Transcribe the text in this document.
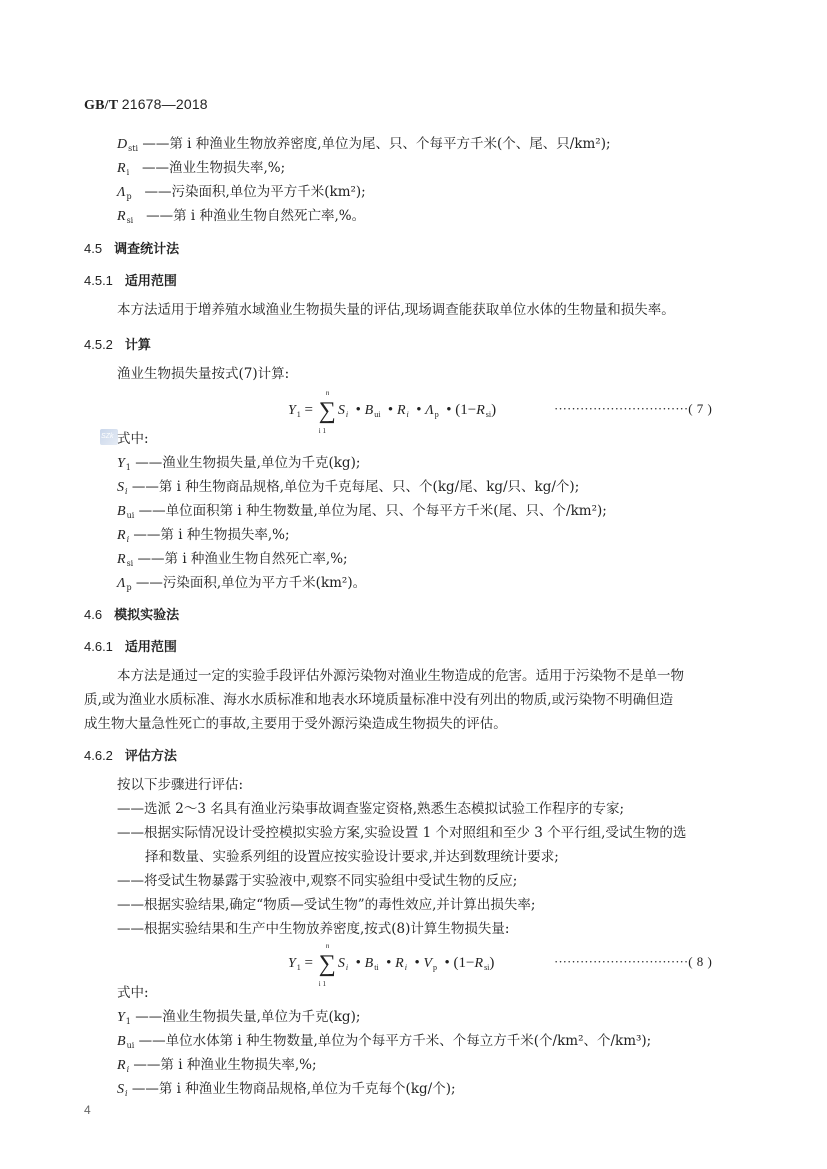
GB/T 21678—2018
$D_{sti}$ ——第 i 种渔业生物放养密度,单位为尾、只、个每平方千米(个、尾、只/km²);
$R_i$ ——渔业生物损失率,%;
$\Lambda_p$ ——污染面积,单位为平方千米(km²);
$R_{si}$ ——第 i 种渔业生物自然死亡率,%。
4.5 调查统计法
4.5.1 适用范围
本方法适用于增养殖水域渔业生物损失量的评估,现场调查能获取单位水体的生物量和损失率。
4.5.2 计算
渔业生物损失量按式(7)计算:
$Y_1$ = ∑
n
i 1
$S_i$  • $B_{ui}$  • $R_i$  • $\Lambda_p$  • $(1-R_{si})$	·······························( 7 )
SZk 式中:
$Y_1$ ——渔业生物损失量,单位为千克(kg);
$S_i$ ——第 i 种生物商品规格,单位为千克每尾、只、个(kg/尾、kg/只、kg/个);
$B_{ui}$ ——单位面积第 i 种生物数量,单位为尾、只、个每平方千米(尾、只、个/km²);
$R_i$ ——第 i 种生物损失率,%;
$R_{si}$ ——第 i 种渔业生物自然死亡率,%;
$\Lambda_p$ ——污染面积,单位为平方千米(km²)。
4.6 模拟实验法
4.6.1 适用范围
本方法是通过一定的实验手段评估外源污染物对渔业生物造成的危害。适用于污染物不是单一物
质,或为渔业水质标准、海水水质标准和地表水环境质量标准中没有列出的物质,或污染物不明确但造
成生物大量急性死亡的事故,主要用于受外源污染造成生物损失的评估。
4.6.2 评估方法
按以下步骤进行评估:
——选派 2～3 名具有渔业污染事故调查鉴定资格,熟悉生态模拟试验工作程序的专家;
——根据实际情况设计受控模拟实验方案,实验设置 1 个对照组和至少 3 个平行组,受试生物的选
择和数量、实验系列组的设置应按实验设计要求,并达到数理统计要求;
——将受试生物暴露于实验液中,观察不同实验组中受试生物的反应;
——根据实验结果,确定“物质—受试生物”的毒性效应,并计算出损失率;
——根据实验结果和生产中生物放养密度,按式(8)计算生物损失量:
$Y_1$ = ∑
n
i 1
$S_i$  • $B_{ti}$  • $R_i$  • $V_p$  • $(1-R_{si})$	·······························( 8 )
式中:
$Y_1$ ——渔业生物损失量,单位为千克(kg);
$B_{ui}$ ——单位水体第 i 种生物数量,单位为个每平方千米、个每立方千米(个/km²、个/km³);
$R_i$ ——第 i 种渔业生物损失率,%;
$S_i$ ——第 i 种渔业生物商品规格,单位为千克每个(kg/个);
4
